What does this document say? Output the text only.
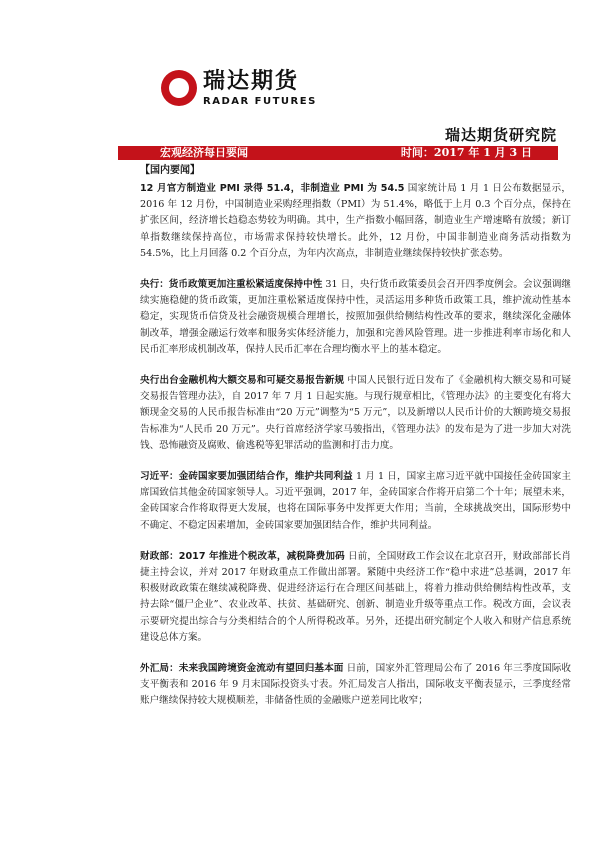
瑞达期货
RADAR FUTURES
瑞达期货研究院
宏观经济每日要闻	时间：2017 年 1 月 3 日
【国内要闻】

12 月官方制造业 PMI 录得 51.4，非制造业 PMI 为 54.5 国家统计局 1 月 1 日公布数据显示，2016 年 12 月份，中国制造业采购经理指数（PMI）为 51.4%，略低于上月 0.3 个百分点，保持在扩张区间，经济增长趋稳态势较为明确。其中，生产指数小幅回落，制造业生产增速略有放缓；新订单指数继续保持高位，市场需求保持较快增长。此外，12 月份，中国非制造业商务活动指数为 54.5%，比上月回落 0.2 个百分点，为年内次高点，非制造业继续保持较快扩张态势。

央行：货币政策更加注重松紧适度保持中性 31 日，央行货币政策委员会召开四季度例会。会议强调继续实施稳健的货币政策，更加注重松紧适度保持中性，灵活运用多种货币政策工具，维护流动性基本稳定，实现货币信贷及社会融资规模合理增长，按照加强供给侧结构性改革的要求，继续深化金融体制改革，增强金融运行效率和服务实体经济能力，加强和完善风险管理。进一步推进利率市场化和人民币汇率形成机制改革，保持人民币汇率在合理均衡水平上的基本稳定。

央行出台金融机构大额交易和可疑交易报告新规 中国人民银行近日发布了《金融机构大额交易和可疑交易报告管理办法》，自 2017 年 7 月 1 日起实施。与现行规章相比，《管理办法》的主要变化有将大额现金交易的人民币报告标准由“20 万元”调整为“5 万元”，以及新增以人民币计价的大额跨境交易报告标准为“人民币 20 万元”。央行首席经济学家马骏指出，《管理办法》的发布是为了进一步加大对洗钱、恐怖融资及腐败、偷逃税等犯罪活动的监测和打击力度。

习近平：金砖国家要加强团结合作，维护共同利益 1 月 1 日，国家主席习近平就中国接任金砖国家主席国致信其他金砖国家领导人。习近平强调，2017 年，金砖国家合作将开启第二个十年；展望未来，金砖国家合作将取得更大发展，也将在国际事务中发挥更大作用；当前，全球挑战突出，国际形势中不确定、不稳定因素增加，金砖国家要加强团结合作，维护共同利益。

财政部：2017 年推进个税改革，减税降费加码 日前，全国财政工作会议在北京召开，财政部部长肖捷主持会议，并对 2017 年财政重点工作做出部署。紧随中央经济工作“稳中求进”总基调，2017 年积极财政政策在继续减税降费、促进经济运行在合理区间基础上，将着力推动供给侧结构性改革，支持去除“僵尸企业”、农业改革、扶贫、基础研究、创新、制造业升级等重点工作。税改方面，会议表示要研究提出综合与分类相结合的个人所得税改革。另外，还提出研究制定个人收入和财产信息系统建设总体方案。

外汇局：未来我国跨境资金流动有望回归基本面 日前，国家外汇管理局公布了 2016 年三季度国际收支平衡表和 2016 年 9 月末国际投资头寸表。外汇局发言人指出，国际收支平衡表显示，三季度经常账户继续保持较大规模顺差，非储备性质的金融账户逆差同比收窄；
